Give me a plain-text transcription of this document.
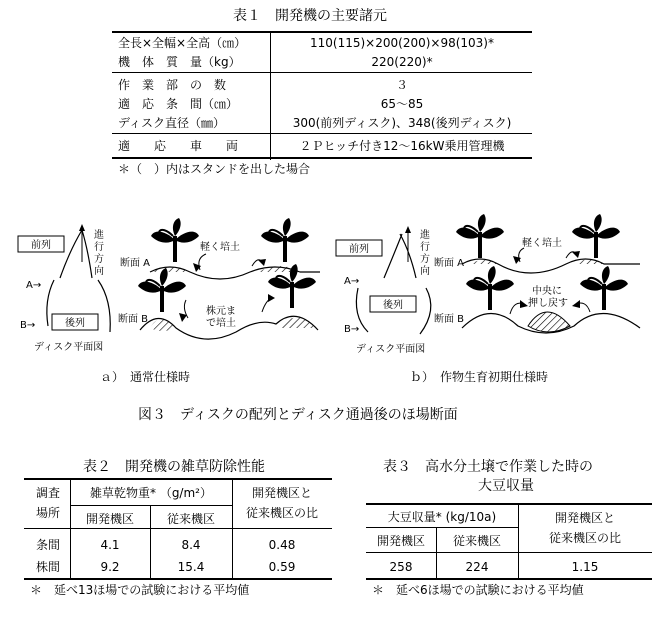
表１　開発機の主要諸元
全長×全幅×全高（㎝）	110(115)×200(200)×98(103)*
機　体　質　量（kg）	220(220)*
作　業　部　の　数	３
適　応　条　間（㎝）	65～85
ディスク直径（㎜）	300(前列ディスク)、348(後列ディスク)
適　　応　　車　　両	２Ｐヒッチ付き12～16kW乗用管理機
＊（　）内はスタンドを出した場合
前列
後列
A→
B→
進
行
方
向
ディスク平面図
断面 A
断面 B
軽く培土
株元ま
で培土
前列
後列
A→
B→
進
行
方
向
ディスク平面図
断面 A
断面 B
軽く培土
中央に
押し戻す
ａ）　通常仕様時	ｂ）　作物生育初期仕様時
図３　ディスクの配列とディスク通過後のほ場断面
表２　開発機の雑草防除性能
調査
場所
雑草乾物重* （g/m²）
開発機区	従来機区
開発機区と
従来機区の比
条間	4.1	8.4	0.48
株間	9.2	15.4	0.59
＊　延べ13ほ場での試験における平均値
表３　高水分土壌で作業した時の
大豆収量
大豆収量* (kg/10a)
開発機区	従来機区
開発機区と
従来機区の比
258	224	1.15
＊　延べ6ほ場での試験における平均値
